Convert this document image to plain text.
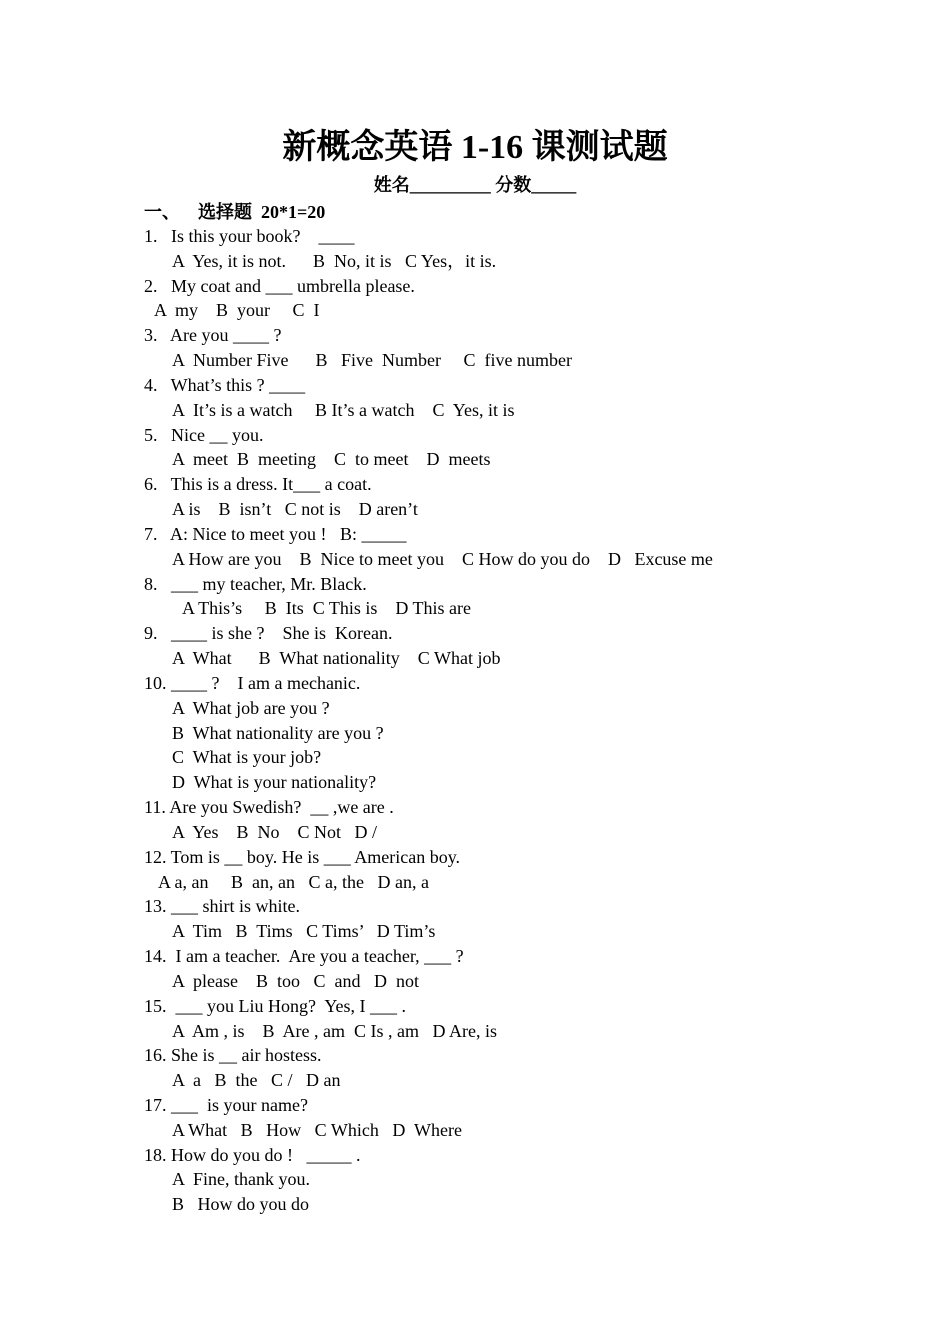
新概念英语 1-16 课测试题
姓名_________ 分数_____
一、    选择题  20*1=20
1.   Is this your book?    ____
A  Yes, it is not.      B  No, it is   C Yes，it is.
2.   My coat and ___ umbrella please.
A  my    B  your     C  I
3.   Are you ____ ?
A  Number Five      B   Five  Number     C  five number
4.   What’s this ? ____
A  It’s is a watch     B It’s a watch    C  Yes, it is
5.   Nice __ you.
A  meet  B  meeting    C  to meet    D  meets
6.   This is a dress. It___ a coat.
A is    B  isn’t   C not is    D aren’t
7.   A: Nice to meet you !   B: _____
A How are you    B  Nice to meet you    C How do you do    D   Excuse me
8.   ___ my teacher, Mr. Black.
A This’s     B  Its  C This is    D This are
9.   ____ is she ?    She is  Korean.
A  What      B  What nationality    C What job
10. ____ ?    I am a mechanic.
A  What job are you ?
B  What nationality are you ?
C  What is your job?
D  What is your nationality?
11. Are you Swedish?  __ ,we are .
A  Yes    B  No    C Not   D /
12. Tom is __ boy. He is ___ American boy.
A a, an     B  an, an   C a, the   D an, a
13. ___ shirt is white.
A  Tim   B  Tims   C Tims’   D Tim’s
14.  I am a teacher.  Are you a teacher, ___ ?
A  please    B  too   C  and   D  not
15.  ___ you Liu Hong?  Yes, I ___ .
A  Am , is    B  Are , am  C Is , am   D Are, is
16. She is __ air hostess.
A  a   B  the   C /   D an
17. ___  is your name?
A What   B   How   C Which   D  Where
18. How do you do !   _____ .
A  Fine, thank you.
B   How do you do
